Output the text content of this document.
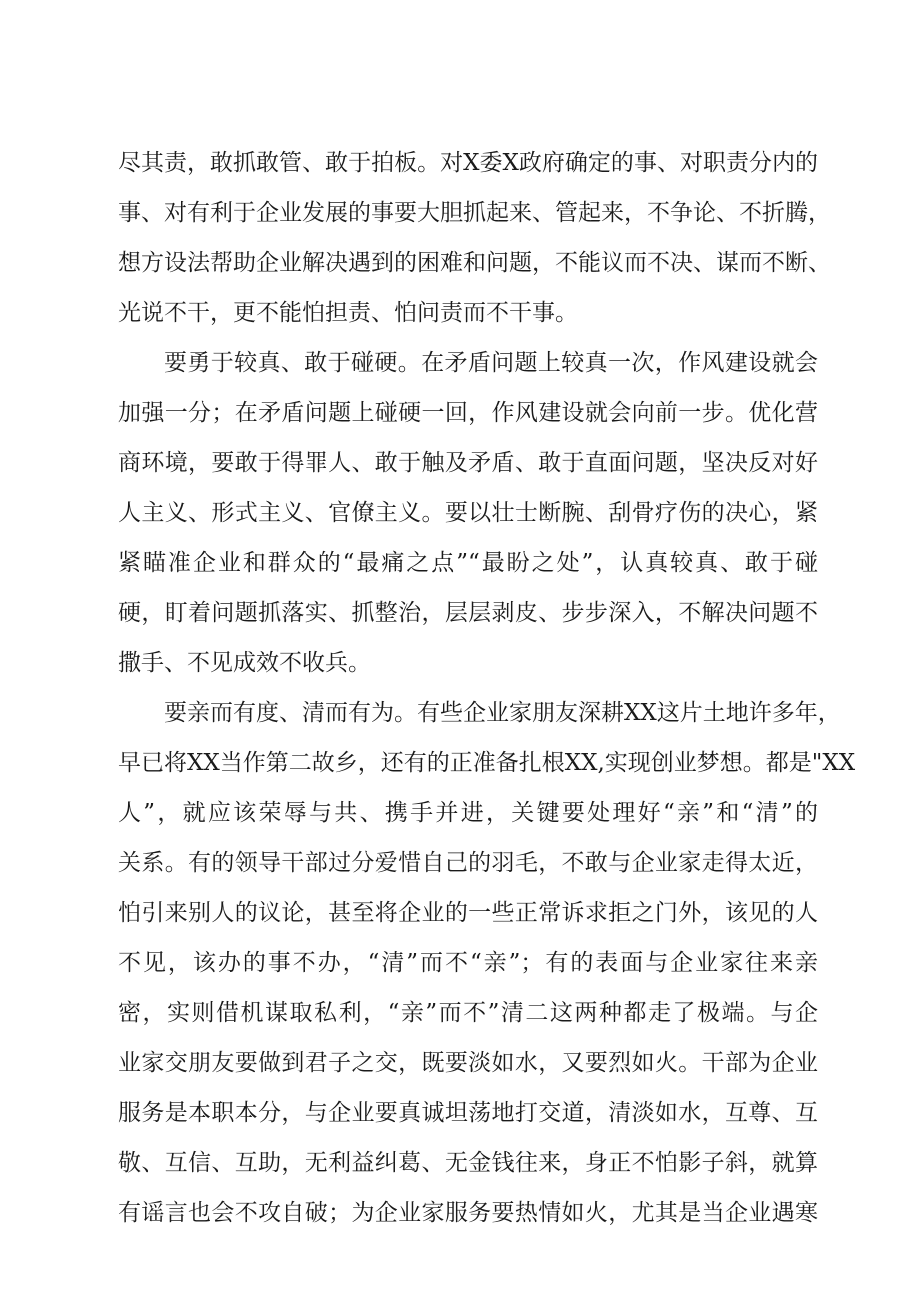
尽其责，敢抓敢管、敢于拍板。对X委X政府确定的事、对职责分内的
事、对有利于企业发展的事要大胆抓起来、管起来，不争论、不折腾，
想方设法帮助企业解决遇到的困难和问题，不能议而不决、谋而不断、
光说不干，更不能怕担责、怕问责而不干事。
要勇于较真、敢于碰硬。在矛盾问题上较真一次，作风建设就会
加强一分；在矛盾问题上碰硬一回，作风建设就会向前一步。优化营
商环境，要敢于得罪人、敢于触及矛盾、敢于直面问题，坚决反对好
人主义、形式主义、官僚主义。要以壮士断腕、刮骨疗伤的决心，紧
紧瞄准企业和群众的“最痛之点”“最盼之处”，认真较真、敢于碰
硬，盯着问题抓落实、抓整治，层层剥皮、步步深入，不解决问题不
撒手、不见成效不收兵。
要亲而有度、清而有为。有些企业家朋友深耕XX这片土地许多年，
早已将XX当作第二故乡，还有的正准备扎根XX,实现创业梦想。都是"XX
人”，就应该荣辱与共、携手并进，关键要处理好“亲”和“清”的
关系。有的领导干部过分爱惜自己的羽毛，不敢与企业家走得太近，
怕引来别人的议论，甚至将企业的一些正常诉求拒之门外，该见的人
不见，该办的事不办，“清”而不“亲”；有的表面与企业家往来亲
密，实则借机谋取私利，“亲”而不”清二这两种都走了极端。与企
业家交朋友要做到君子之交，既要淡如水，又要烈如火。干部为企业
服务是本职本分，与企业要真诚坦荡地打交道，清淡如水，互尊、互
敬、互信、互助，无利益纠葛、无金钱往来，身正不怕影子斜，就算
有谣言也会不攻自破；为企业家服务要热情如火，尤其是当企业遇寒
